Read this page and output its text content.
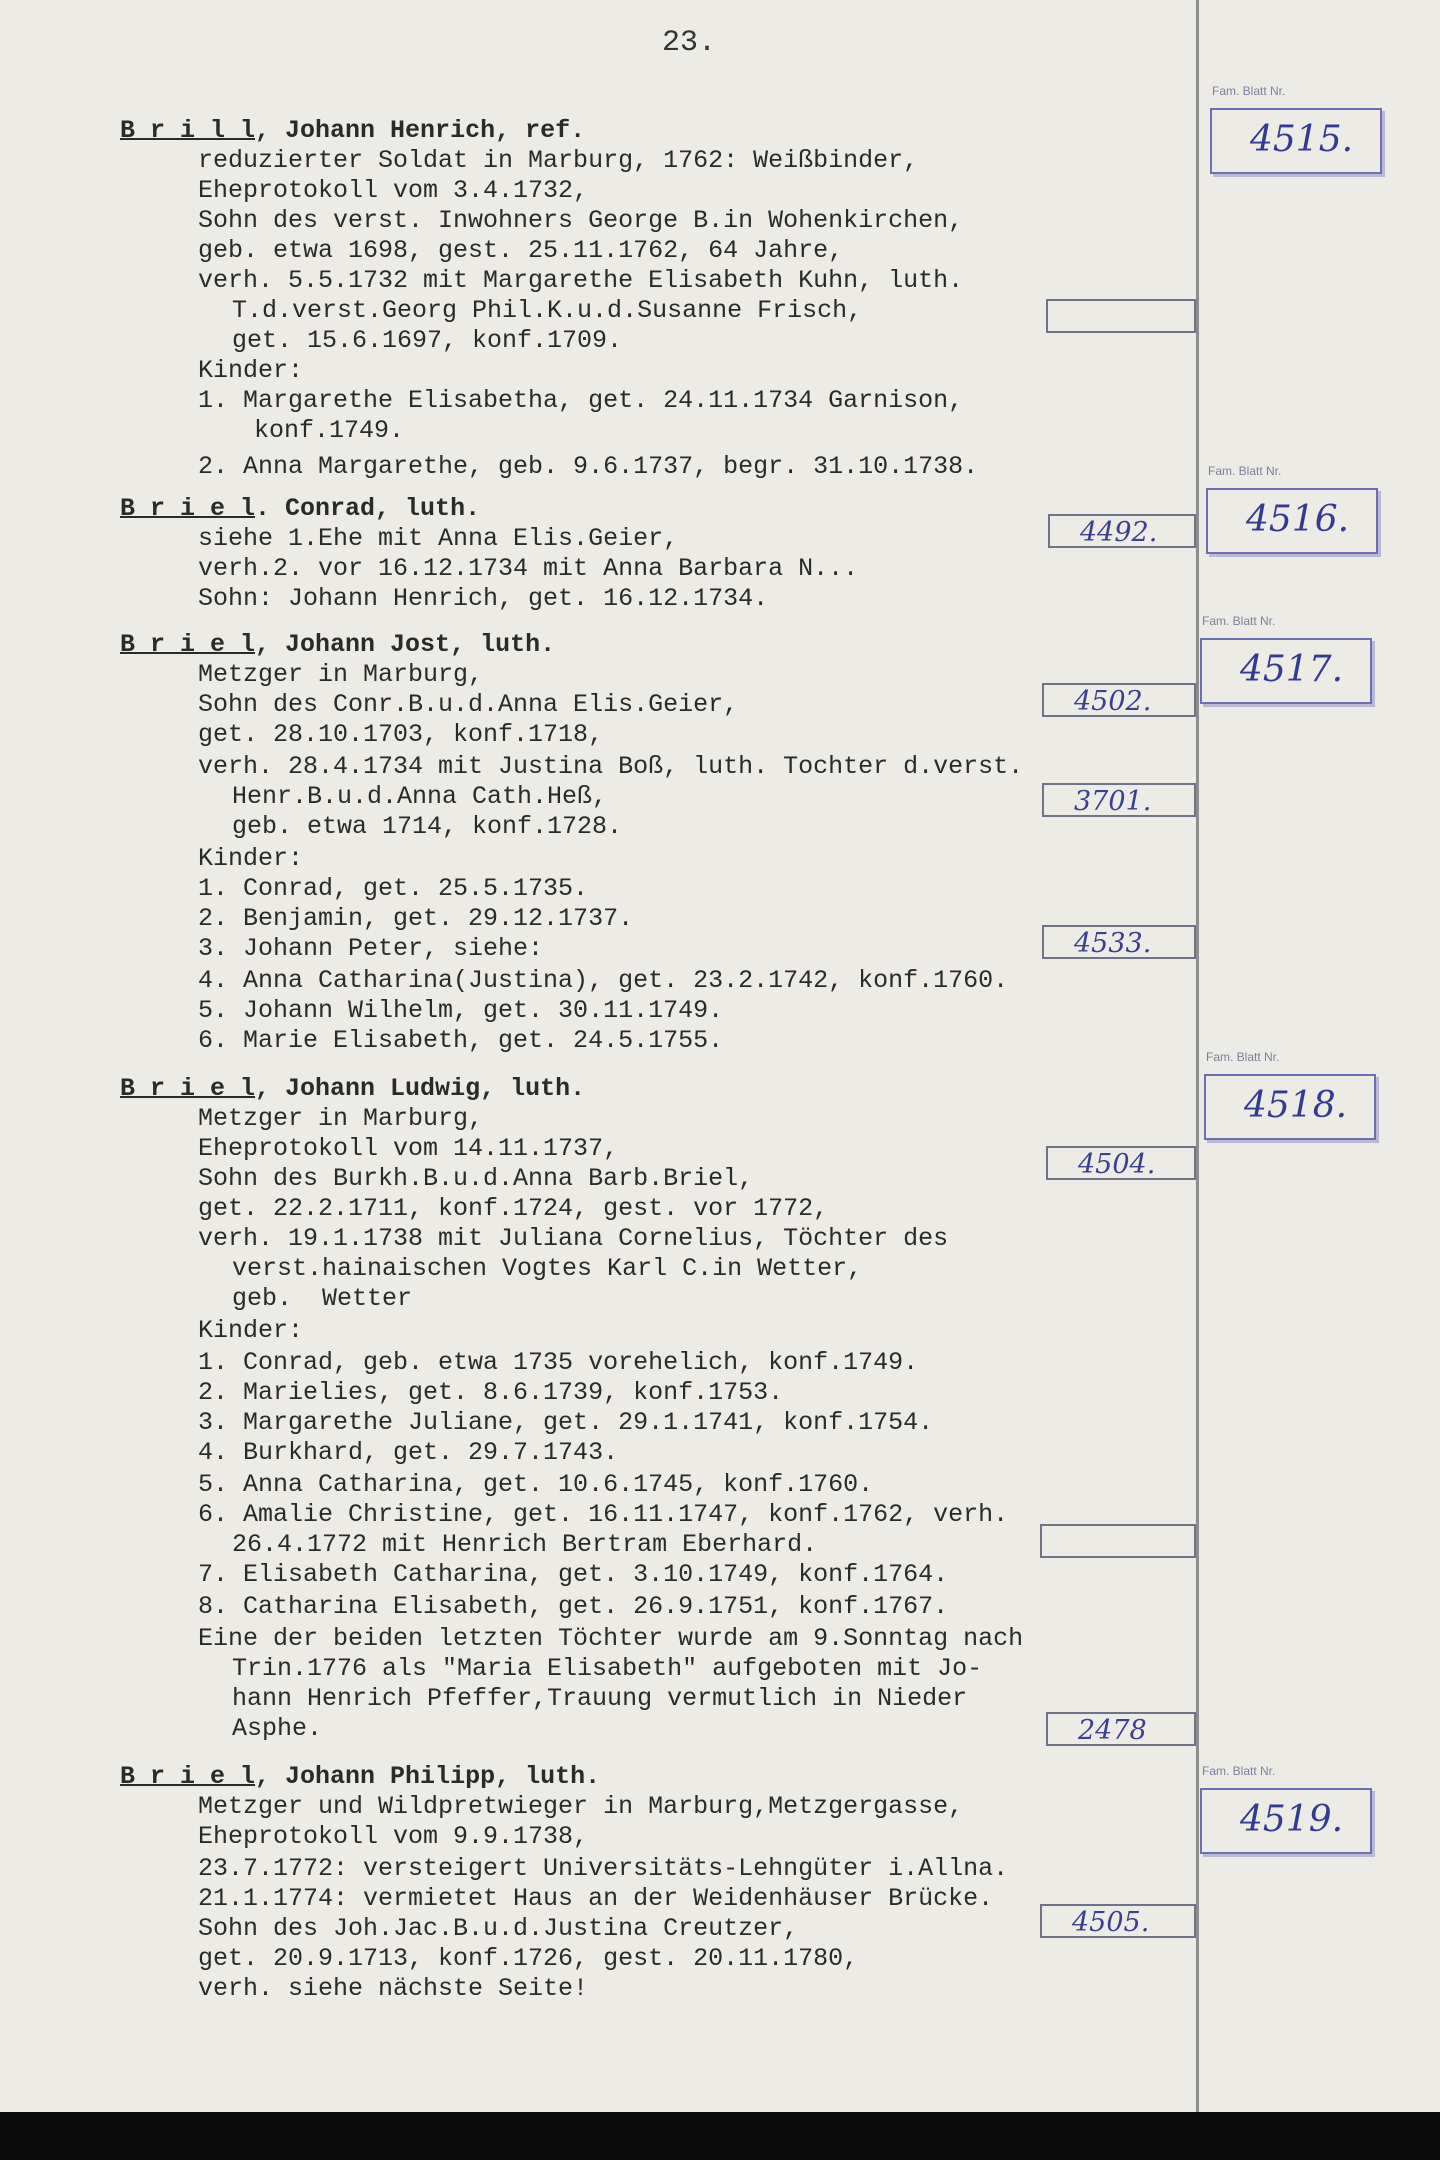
23.
B r i l l, Johann Henrich, ref.
reduzierter Soldat in Marburg, 1762: Weißbinder,
Eheprotokoll vom 3.4.1732,
Sohn des verst. Inwohners George B.in Wohenkirchen,
geb. etwa 1698, gest. 25.11.1762, 64 Jahre,
verh. 5.5.1732 mit Margarethe Elisabeth Kuhn, luth.
T.d.verst.Georg Phil.K.u.d.Susanne Frisch,
get. 15.6.1697, konf.1709.
Kinder:
1. Margarethe Elisabetha, get. 24.11.1734 Garnison,
konf.1749.
2. Anna Margarethe, geb. 9.6.1737, begr. 31.10.1738.
B r i e l. Conrad, luth.
siehe 1.Ehe mit Anna Elis.Geier,
verh.2. vor 16.12.1734 mit Anna Barbara N...
Sohn: Johann Henrich, get. 16.12.1734.
B r i e l, Johann Jost, luth.
Metzger in Marburg,
Sohn des Conr.B.u.d.Anna Elis.Geier,
get. 28.10.1703, konf.1718,
verh. 28.4.1734 mit Justina Boß, luth. Tochter d.verst.
Henr.B.u.d.Anna Cath.Heß,
geb. etwa 1714, konf.1728.
Kinder:
1. Conrad, get. 25.5.1735.
2. Benjamin, get. 29.12.1737.
3. Johann Peter, siehe:
4. Anna Catharina(Justina), get. 23.2.1742, konf.1760.
5. Johann Wilhelm, get. 30.11.1749.
6. Marie Elisabeth, get. 24.5.1755.
B r i e l, Johann Ludwig, luth.
Metzger in Marburg,
Eheprotokoll vom 14.11.1737,
Sohn des Burkh.B.u.d.Anna Barb.Briel,
get. 22.2.1711, konf.1724, gest. vor 1772,
verh. 19.1.1738 mit Juliana Cornelius, Töchter des
verst.hainaischen Vogtes Karl C.in Wetter,
geb.  Wetter
Kinder:
1. Conrad, geb. etwa 1735 vorehelich, konf.1749.
2. Marielies, get. 8.6.1739, konf.1753.
3. Margarethe Juliane, get. 29.1.1741, konf.1754.
4. Burkhard, get. 29.7.1743.
5. Anna Catharina, get. 10.6.1745, konf.1760.
6. Amalie Christine, get. 16.11.1747, konf.1762, verh.
26.4.1772 mit Henrich Bertram Eberhard.
7. Elisabeth Catharina, get. 3.10.1749, konf.1764.
8. Catharina Elisabeth, get. 26.9.1751, konf.1767.
Eine der beiden letzten Töchter wurde am 9.Sonntag nach
Trin.1776 als "Maria Elisabeth" aufgeboten mit Jo-
hann Henrich Pfeffer,Trauung vermutlich in Nieder
Asphe.
B r i e l, Johann Philipp, luth.
Metzger und Wildpretwieger in Marburg,Metzgergasse,
Eheprotokoll vom 9.9.1738,
23.7.1772: versteigert Universitäts-Lehngüter i.Allna.
21.1.1774: vermietet Haus an der Weidenhäuser Brücke.
Sohn des Joh.Jac.B.u.d.Justina Creutzer,
get. 20.9.1713, konf.1726, gest. 20.11.1780,
verh. siehe nächste Seite!
4492.
4502.
3701.
4533.
4504.
2478
4505.
Fam. Blatt Nr.
4515.
Fam. Blatt Nr.
4516.
Fam. Blatt Nr.
4517.
Fam. Blatt Nr.
4518.
Fam. Blatt Nr.
4519.
